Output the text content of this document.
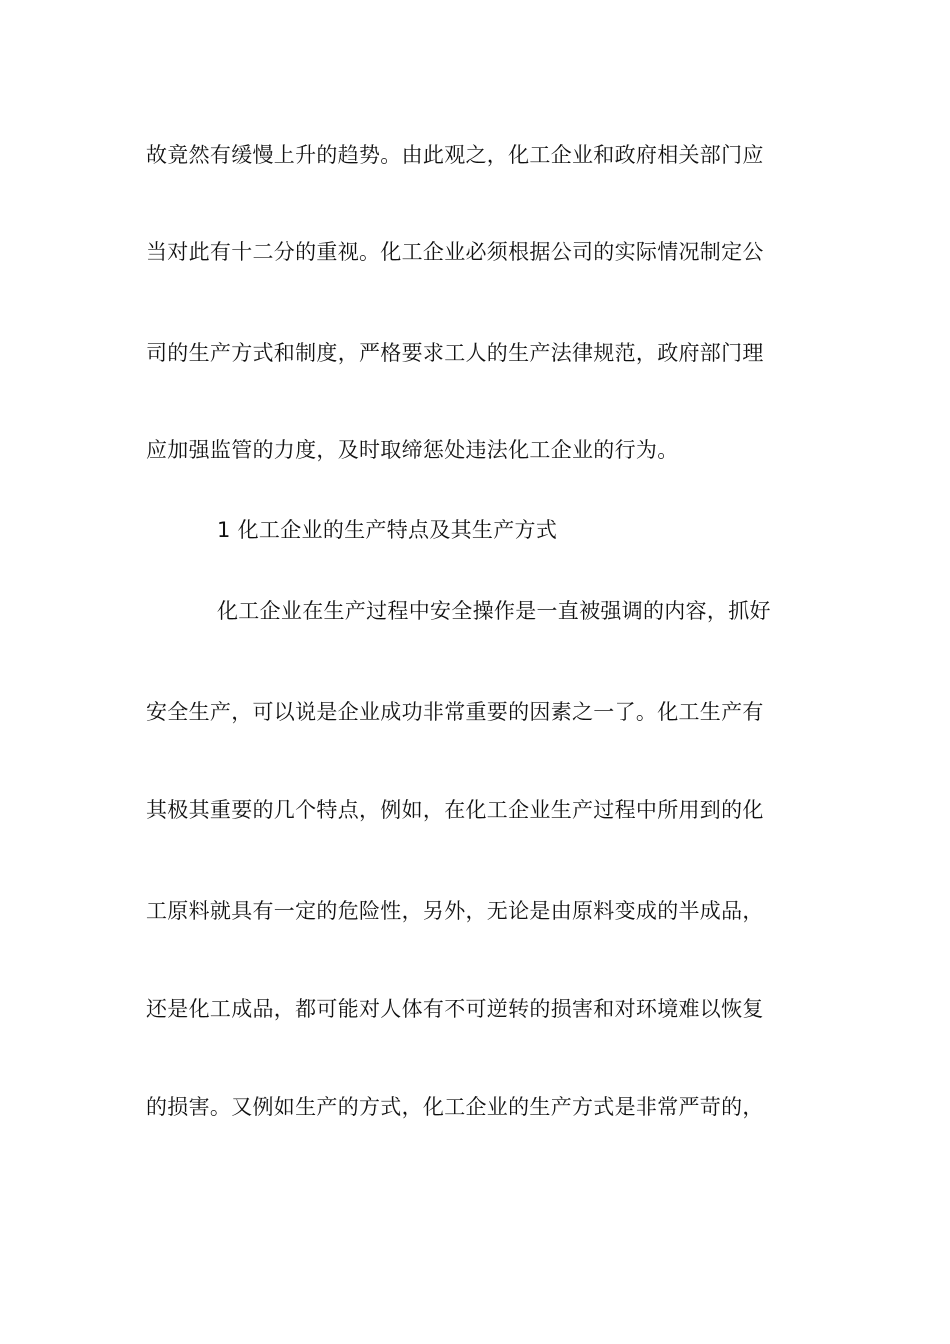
故竟然有缓慢上升的趋势。由此观之，化工企业和政府相关部门应
当对此有十二分的重视。化工企业必须根据公司的实际情况制定公
司的生产方式和制度，严格要求工人的生产法律规范，政府部门理
应加强监管的力度，及时取缔惩处违法化工企业的行为。
1 化工企业的生产特点及其生产方式
化工企业在生产过程中安全操作是一直被强调的内容，抓好
安全生产，可以说是企业成功非常重要的因素之一了。化工生产有
其极其重要的几个特点，例如，在化工企业生产过程中所用到的化
工原料就具有一定的危险性，另外，无论是由原料变成的半成品，
还是化工成品，都可能对人体有不可逆转的损害和对环境难以恢复
的损害。又例如生产的方式，化工企业的生产方式是非常严苛的，
